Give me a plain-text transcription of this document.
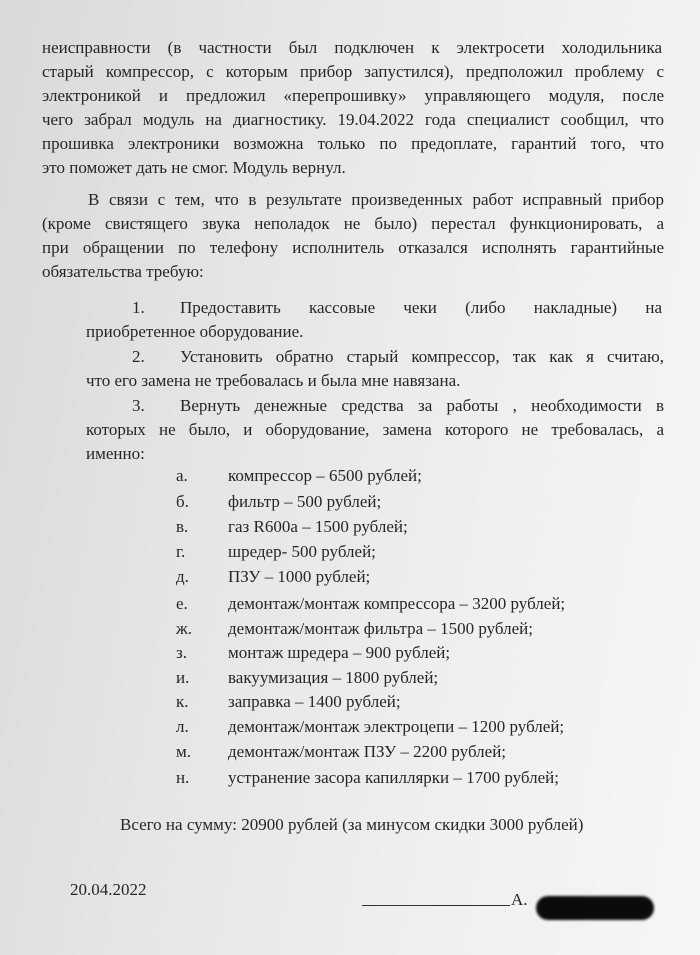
неисправности (в частности был подключен к электросети холодильника
старый компрессор, с которым прибор запустился), предположил проблему с
электроникой и предложил «перепрошивку» управляющего модуля, после
чего забрал модуль на диагностику. 19.04.2022 года специалист сообщил, что
прошивка электроники возможна только по предоплате, гарантий того, что
это поможет дать не смог. Модуль вернул.
В связи с тем, что в результате произведенных работ исправный прибор
(кроме свистящего звука неполадок не было) перестал функционировать, а
при обращении по телефону исполнитель отказался исполнять гарантийные
обязательства требую:
1. Предоставить кассовые чеки (либо накладные) на
приобретенное оборудование.
2. Установить обратно старый компрессор, так как я считаю,
что его замена не требовалась и была мне навязана.
3. Вернуть денежные средства за работы , необходимости в
которых не было, и оборудование, замена которого не требовалась, а
именно:
а. компрессор – 6500 рублей;
б. фильтр – 500 рублей;
в. газ R600a – 1500 рублей;
г.	шредер- 500 рублей;
д. ПЗУ – 1000 рублей;
е. демонтаж/монтаж компрессора – 3200 рублей;
ж. демонтаж/монтаж фильтра – 1500 рублей;
з. монтаж шредера – 900 рублей;
и. вакуумизация – 1800 рублей;
к. заправка – 1400 рублей;
л. демонтаж/монтаж электроцепи – 1200 рублей;
м. демонтаж/монтаж ПЗУ – 2200 рублей;
н. устранение засора капиллярки – 1700 рублей;
Всего на сумму: 20900 рублей (за минусом скидки 3000 рублей)
20.04.2022
А.
